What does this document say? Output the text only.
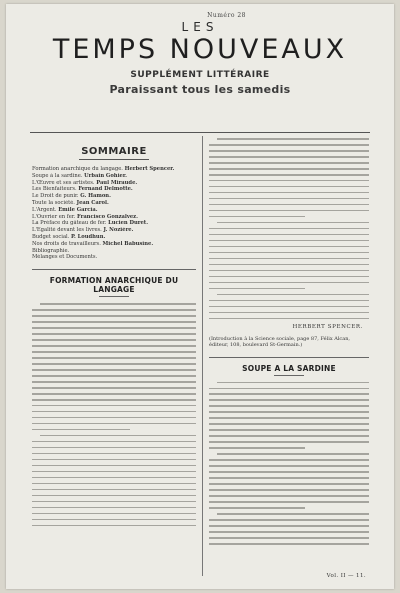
Numéro 28
LES
TEMPS NOUVEAUX
SUPPLÉMENT LITTÉRAIRE
Paraissant tous les samedis
SOMMAIRE
Formation anarchique du langage. Herbert Spencer.
Soupe à la sardine. Urbain Gohier.
L'Œuvre et ses artistes. Paul Miraude.
Les Bienfaiteurs. Fernand Delmotte.
Le Droit de punir. G. Hamon.
Toute la société. Jean Carol.
L'Argent. Emile Garcia.
L'Ouvrier en fer. Francisco Gonzalvez.
La Préface du gâteau de fer. Lucien Duret.
L'Égalité devant les livres. J. Nozière.
Budget social. P. Loudhun.
Nos droits de travailleurs. Michel Babusine.
Bibliographie.
Mélanges et Documents.
FORMATION ANARCHIQUE DU LANGAGE
HERBERT SPENCER.
(Introduction à la Science sociale, page 87, Félix Alcan, éditeur, 108, boulevard St-Germain.)
SOUPE A LA SARDINE
Vol. II — 11.
